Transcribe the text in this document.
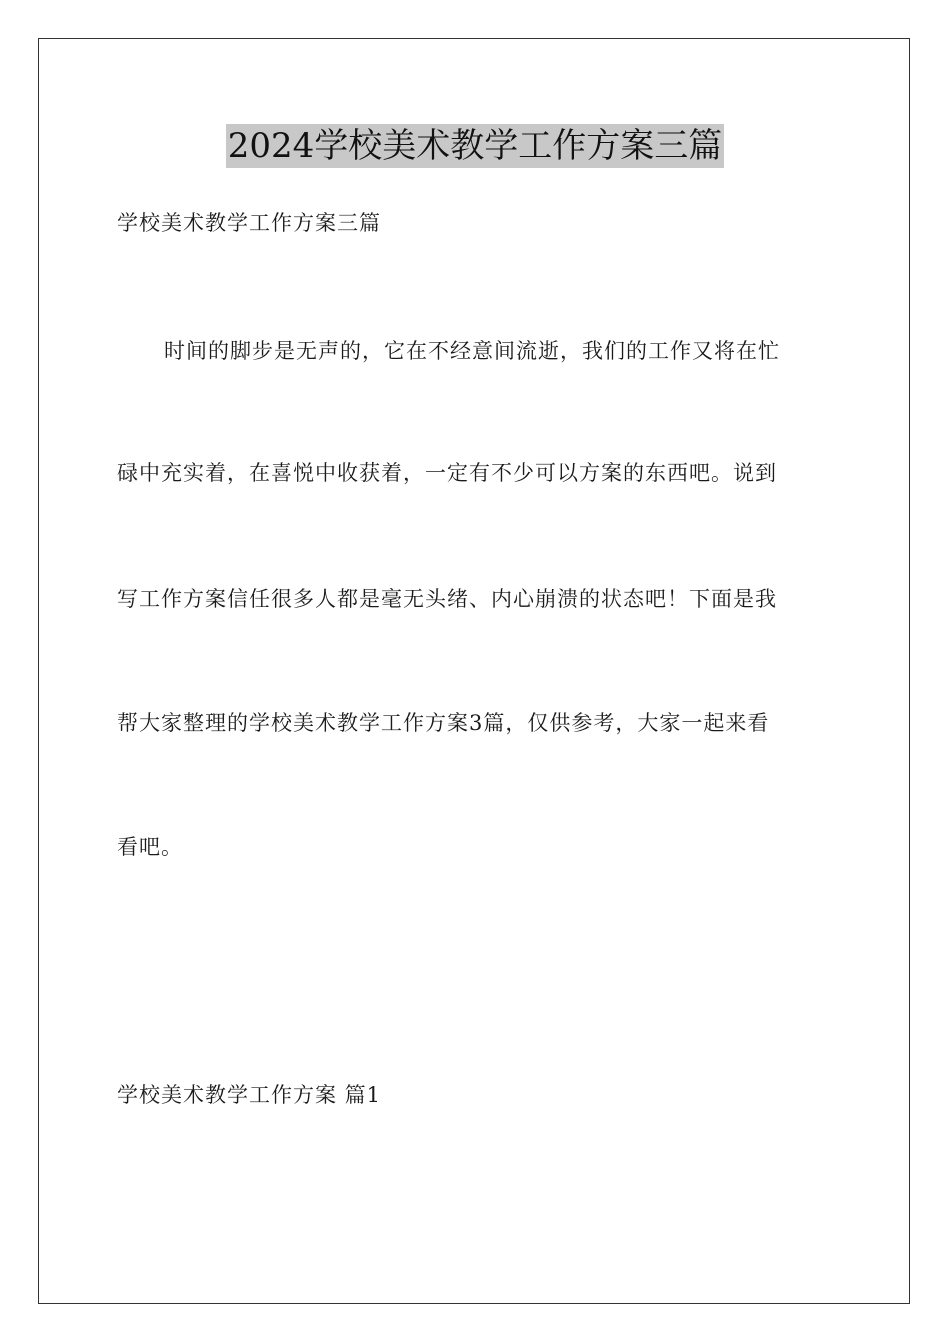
2024学校美术教学工作方案三篇
学校美术教学工作方案三篇
时间的脚步是无声的，它在不经意间流逝，我们的工作又将在忙
碌中充实着，在喜悦中收获着，一定有不少可以方案的东西吧。说到
写工作方案信任很多人都是毫无头绪、内心崩溃的状态吧！下面是我
帮大家整理的学校美术教学工作方案3篇，仅供参考，大家一起来看
看吧。
学校美术教学工作方案 篇1
